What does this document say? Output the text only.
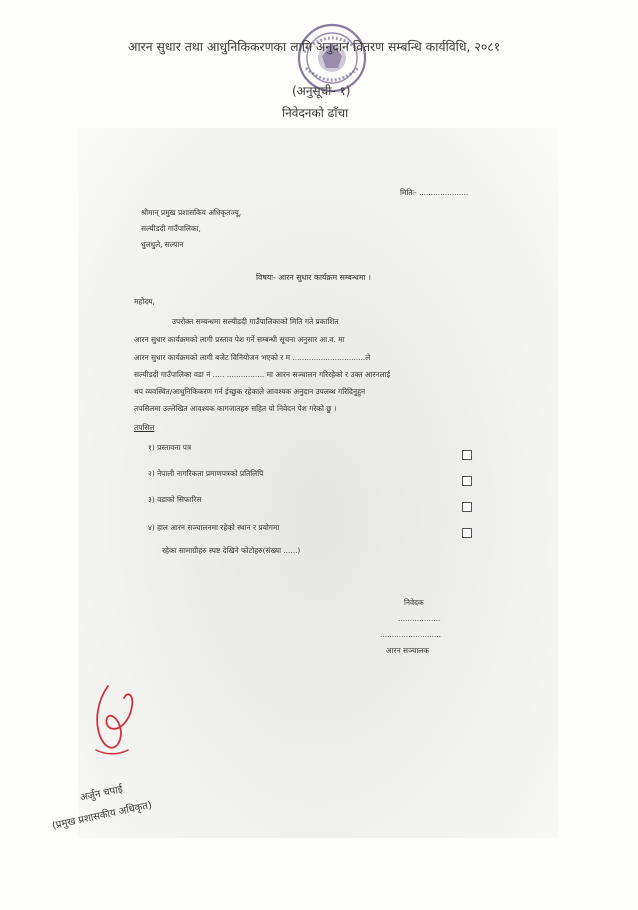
आरन सुधार तथा आधुनिकिकरणका लागि अनुदान वितरण सम्बन्धि कार्यविधि, २०८१
(अनुसूची- १)
निवेदनको ढाँचा
मितिः- .....................
श्रीमान् प्रमुख प्रशासकिय अधिकृतज्यू,
सल्यीडदी गाउँपालिका,
धुलधुले, सल्यान
विषयः- आरन सुधार कार्यक्रम सम्बन्धमा ।
महोदय,
उपरोक्त सम्बन्धमा सल्यीडदी गाउँपालिकाको मिति गते प्रकाशित
आरन सुधार कार्यक्रमको लागी प्रस्ताव पेश गर्ने सम्बन्धी सूचना अनुसार आ.व. मा
आरन सुधार कार्यक्रमको लागी बजेट विनियोजन भएको र म ...............................ले
सल्यीडदी गाउँपालिका वडा नं ..... ................ मा आरन सञ्चालन गरिरहेको र उक्त आरनलाई
थप व्यवस्थित/आधुनिकिकरण गर्न ईच्छुक रहेकाले आवश्यक अनुदान उपलब्ध गरिदिनुहुन
तपसिलमा उल्लेखित आवश्यक कागजातहरु सहित यो निवेदन पेश गरेको छु ।
तपसिल
१) प्रस्तावना पत्र
२) नेपाली नागरिकता प्रमाणपत्रको प्रतिलिपि
३) वडाको सिफारिस
४) हाल आरन सञ्चालनमा रहेको स्थान र प्रयोगमा
रहेका सामाग्रीहरु स्पष्ट देखिने फोटोहरु(संख्या ......)
निवेदक
..................
..........................
आरन सञ्चालक
अर्जुन चपाई
(प्रमुख प्रशासकीय अधिकृत)
